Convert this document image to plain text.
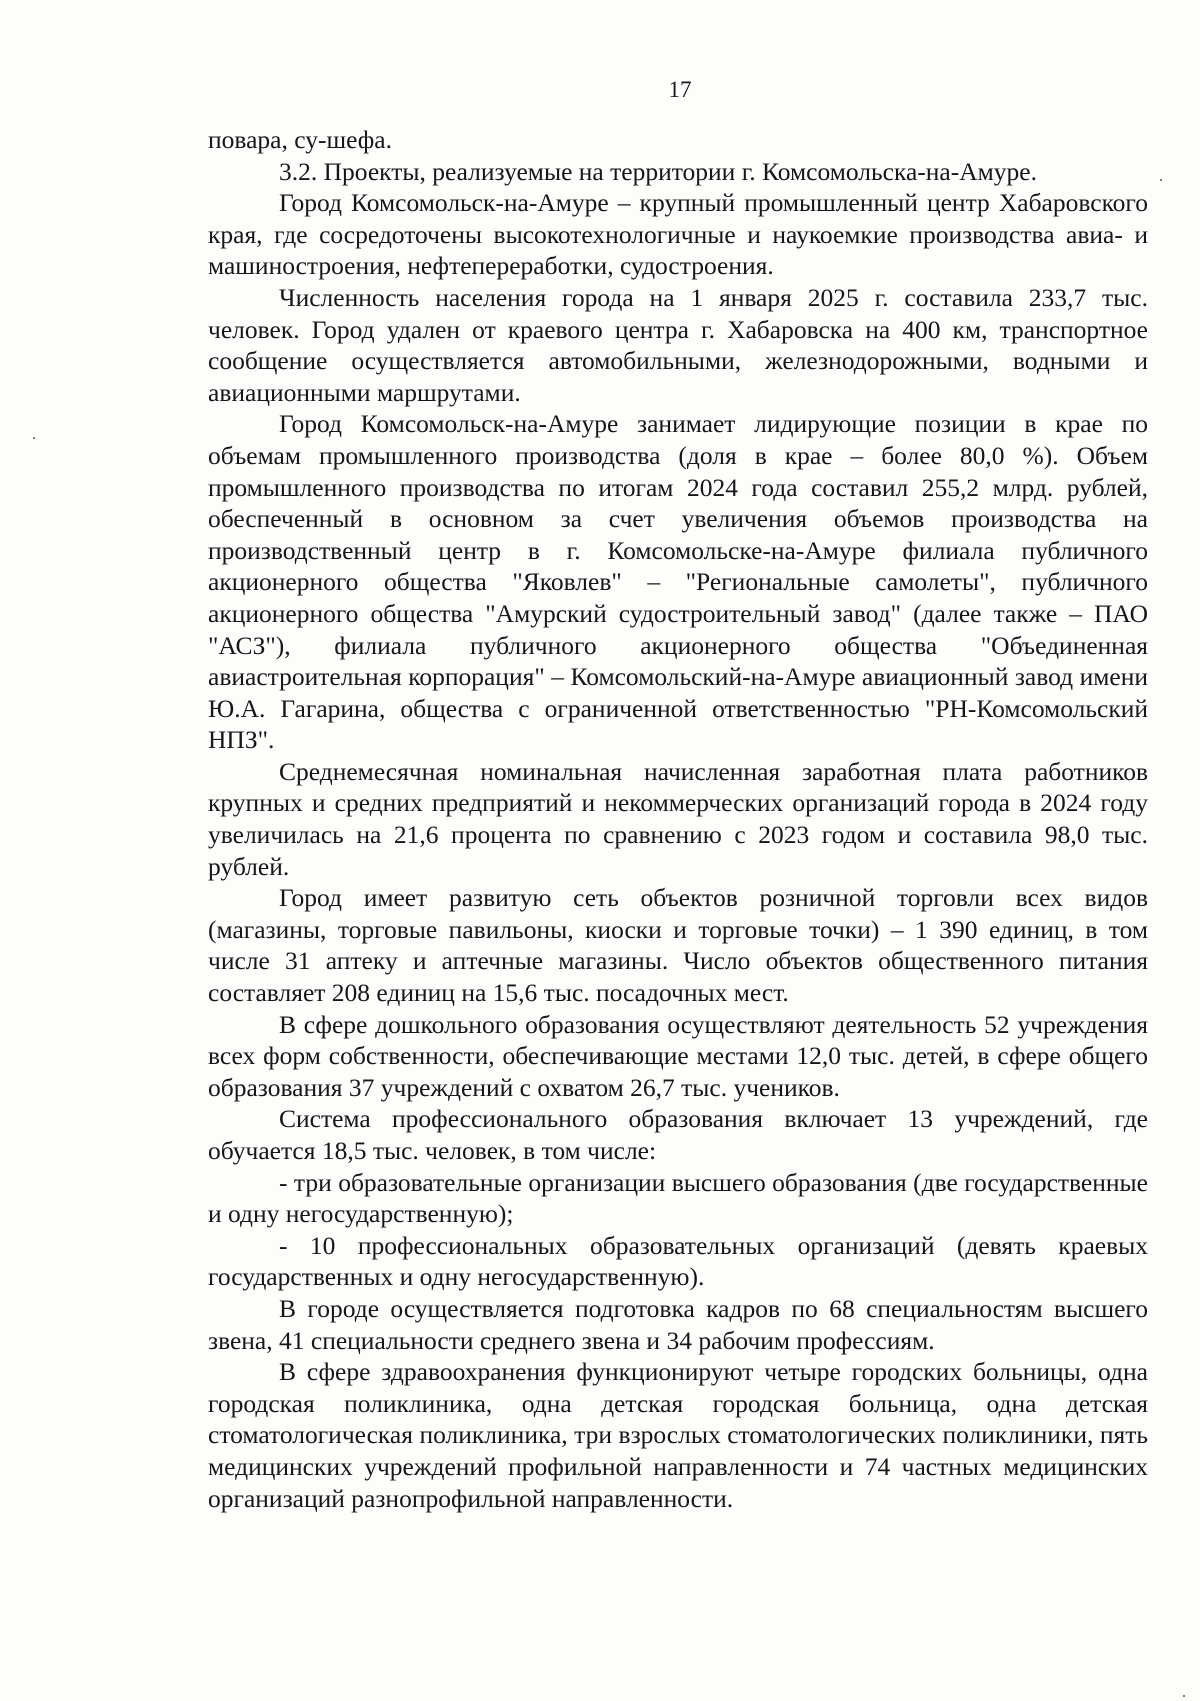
17

повара, су-шефа.

3.2. Проекты, реализуемые на территории г. Комсомольска-на-Амуре.

Город Комсомольск-на-Амуре – крупный промышленный центр Хабаровского края, где сосредоточены высокотехнологичные и наукоемкие производства авиа- и машиностроения, нефтепереработки, судостроения.

Численность населения города на 1 января 2025 г. составила 233,7 тыс. человек. Город удален от краевого центра г. Хабаровска на 400 км, транспортное сообщение осуществляется автомобильными, железнодорожными, водными и авиационными маршрутами.

Город Комсомольск-на-Амуре занимает лидирующие позиции в крае по объемам промышленного производства (доля в крае – более 80,0 %). Объем промышленного производства по итогам 2024 года составил 255,2 млрд. рублей, обеспеченный в основном за счет увеличения объемов производства на производственный центр в г. Комсомольске-на-Амуре филиала публичного акционерного общества "Яковлев" – "Региональные самолеты", публичного акционерного общества "Амурский судостроительный завод" (далее также – ПАО "АСЗ"), филиала публичного акционерного общества "Объединенная авиастроительная корпорация" – Комсомольский-на-Амуре авиационный завод имени Ю.А. Гагарина, общества с ограниченной ответственностью "РН-Комсомольский НПЗ".

Среднемесячная номинальная начисленная заработная плата работников крупных и средних предприятий и некоммерческих организаций города в 2024 году увеличилась на 21,6 процента по сравнению с 2023 годом и составила 98,0 тыс. рублей.

Город имеет развитую сеть объектов розничной торговли всех видов (магазины, торговые павильоны, киоски и торговые точки) – 1 390 единиц, в том числе 31 аптеку и аптечные магазины. Число объектов общественного питания составляет 208 единиц на 15,6 тыс. посадочных мест.

В сфере дошкольного образования осуществляют деятельность 52 учреждения всех форм собственности, обеспечивающие местами 12,0 тыс. детей, в сфере общего образования 37 учреждений с охватом 26,7 тыс. учеников.

Система профессионального образования включает 13 учреждений, где обучается 18,5 тыс. человек, в том числе:

- три образовательные организации высшего образования (две государственные и одну негосударственную);

- 10 профессиональных образовательных организаций (девять краевых государственных и одну негосударственную).

В городе осуществляется подготовка кадров по 68 специальностям высшего звена, 41 специальности среднего звена и 34 рабочим профессиям.

В сфере здравоохранения функционируют четыре городских больницы, одна городская поликлиника, одна детская городская больница, одна детская стоматологическая поликлиника, три взрослых стоматологических поликлиники, пять медицинских учреждений профильной направленности и 74 частных медицинских организаций разнопрофильной направленности.
